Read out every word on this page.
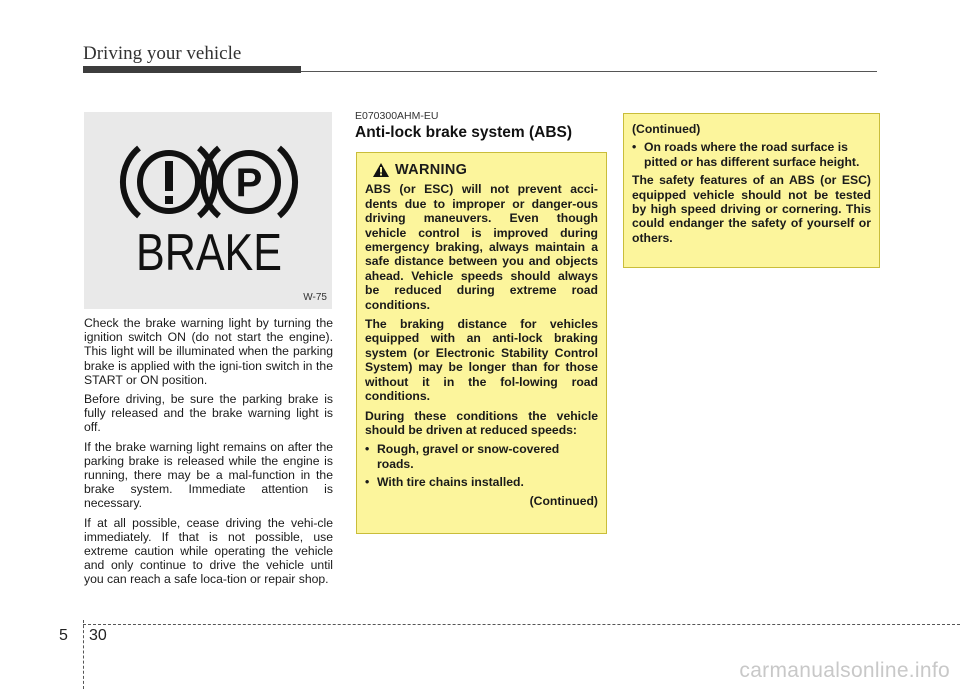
Driving your vehicle
P
BRAKE
W-75

Check the brake warning light by turning the ignition switch ON (do not start the engine). This light will be illuminated when the parking brake is applied with the igni-tion switch in the START or ON position.

Before driving, be sure the parking brake is fully released and the brake warning light is off.

If the brake warning light remains on after the parking brake is released while the engine is running, there may be a mal-function in the brake system. Immediate attention is necessary.

If at all possible, cease driving the vehi-cle immediately. If that is not possible, use extreme caution while operating the vehicle and only continue to drive the vehicle until you can reach a safe loca-tion or repair shop.

E070300AHM-EU
Anti-lock brake system (ABS)
WARNING

ABS (or ESC) will not prevent acci-dents due to improper or danger-ous driving maneuvers. Even though vehicle control is improved during emergency braking, always maintain a safe distance between you and objects ahead. Vehicle speeds should always be reduced during extreme road conditions.

The braking distance for vehicles equipped with an anti-lock braking system (or Electronic Stability Control System) may be longer than for those without it in the fol-lowing road conditions.

During these conditions the vehicle should be driven at reduced speeds:

• Rough, gravel or snow-covered roads.
• With tire chains installed.
(Continued)

(Continued)

• On roads where the road surface is pitted or has different surface height.

The safety features of an ABS (or ESC) equipped vehicle should not be tested by high speed driving or cornering. This could endanger the safety of yourself or others.

5 30
carmanualsonline.info
